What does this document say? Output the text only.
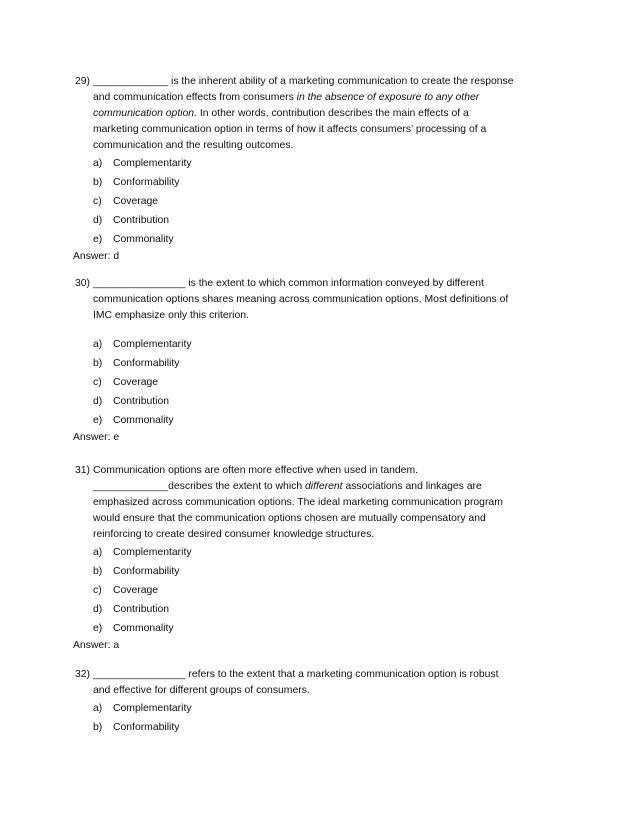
29) _____________ is the inherent ability of a marketing communication to create the response
and communication effects from consumers in the absence of exposure to any other
communication option. In other words, contribution describes the main effects of a
marketing communication option in terms of how it affects consumers’ processing of a
communication and the resulting outcomes.
a)	Complementarity
b)	Conformability
c)	Coverage
d)	Contribution
e)	Commonality
Answer: d
30) ________________ is the extent to which common information conveyed by different
communication options shares meaning across communication options. Most definitions of
IMC emphasize only this criterion.
a)	Complementarity
b)	Conformability
c)	Coverage
d)	Contribution
e)	Commonality
Answer: e
31) Communication options are often more effective when used in tandem.
_____________describes the extent to which different associations and linkages are
emphasized across communication options. The ideal marketing communication program
would ensure that the communication options chosen are mutually compensatory and
reinforcing to create desired consumer knowledge structures.
a)	Complementarity
b)	Conformability
c)	Coverage
d)	Contribution
e)	Commonality
Answer: a
32) ________________ refers to the extent that a marketing communication option is robust
and effective for different groups of consumers.
a)	Complementarity
b)	Conformability
